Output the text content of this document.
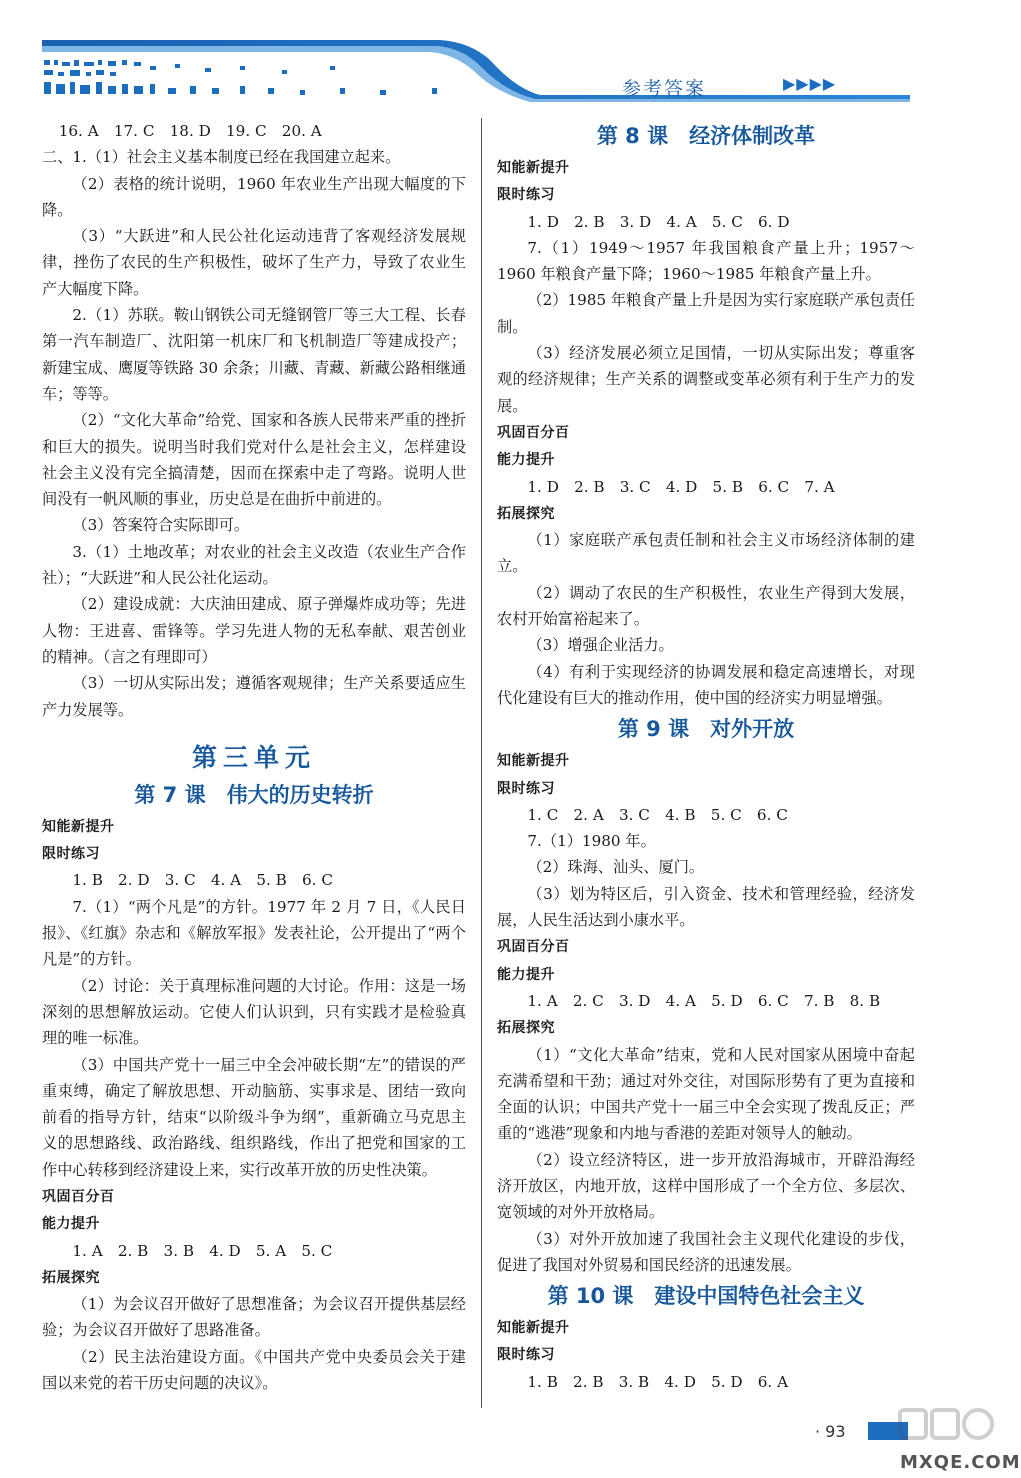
参考答案	▶▶▶▶

16. A　17. C　18. D　19. C　20. A

二、1.（1）社会主义基本制度已经在我国建立起来。

（2）表格的统计说明，1960 年农业生产出现大幅度的下降。

（3）“大跃进”和人民公社化运动违背了客观经济发展规律，挫伤了农民的生产积极性，破坏了生产力，导致了农业生产大幅度下降。

2.（1）苏联。鞍山钢铁公司无缝钢管厂等三大工程、长春第一汽车制造厂、沈阳第一机床厂和飞机制造厂等建成投产；新建宝成、鹰厦等铁路 30 余条；川藏、青藏、新藏公路相继通车；等等。

（2）“文化大革命”给党、国家和各族人民带来严重的挫折和巨大的损失。说明当时我们党对什么是社会主义，怎样建设社会主义没有完全搞清楚，因而在探索中走了弯路。说明人世间没有一帆风顺的事业，历史总是在曲折中前进的。

（3）答案符合实际即可。

3.（1）土地改革；对农业的社会主义改造（农业生产合作社）；“大跃进”和人民公社化运动。

（2）建设成就：大庆油田建成、原子弹爆炸成功等；先进人物：王进喜、雷锋等。学习先进人物的无私奉献、艰苦创业的精神。（言之有理即可）

（3）一切从实际出发；遵循客观规律；生产关系要适应生产力发展等。

第三单元
第 7 课　伟大的历史转折
知能新提升
限时练习

1. B　2. D　3. C　4. A　5. B　6. C

7.（1）“两个凡是”的方针。1977 年 2 月 7 日，《人民日报》、《红旗》杂志和《解放军报》发表社论，公开提出了“两个凡是”的方针。

（2）讨论：关于真理标准问题的大讨论。作用：这是一场深刻的思想解放运动。它使人们认识到，只有实践才是检验真理的唯一标准。

（3）中国共产党十一届三中全会冲破长期“左”的错误的严重束缚，确定了解放思想、开动脑筋、实事求是、团结一致向前看的指导方针，结束“以阶级斗争为纲”，重新确立马克思主义的思想路线、政治路线、组织路线，作出了把党和国家的工作中心转移到经济建设上来，实行改革开放的历史性决策。

巩固百分百
能力提升

1. A　2. B　3. B　4. D　5. A　5. C

拓展探究

（1）为会议召开做好了思想准备；为会议召开提供基层经验；为会议召开做好了思路准备。

（2）民主法治建设方面。《中国共产党中央委员会关于建国以来党的若干历史问题的决议》。

第 8 课　经济体制改革
知能新提升
限时练习

1. D　2. B　3. D　4. A　5. C　6. D

7.（1）1949～1957 年我国粮食产量上升；1957～1960 年粮食产量下降；1960～1985 年粮食产量上升。

（2）1985 年粮食产量上升是因为实行家庭联产承包责任制。

（3）经济发展必须立足国情，一切从实际出发；尊重客观的经济规律；生产关系的调整或变革必须有利于生产力的发展。

巩固百分百
能力提升

1. D　2. B　3. C　4. D　5. B　6. C　7. A

拓展探究

（1）家庭联产承包责任制和社会主义市场经济体制的建立。

（2）调动了农民的生产积极性，农业生产得到大发展，农村开始富裕起来了。

（3）增强企业活力。

（4）有利于实现经济的协调发展和稳定高速增长，对现代化建设有巨大的推动作用，使中国的经济实力明显增强。

第 9 课　对外开放
知能新提升
限时练习

1. C　2. A　3. C　4. B　5. C　6. C

7.（1）1980 年。

（2）珠海、汕头、厦门。

（3）划为特区后，引入资金、技术和管理经验，经济发展，人民生活达到小康水平。

巩固百分百
能力提升

1. A　2. C　3. D　4. A　5. D　6. C　7. B　8. B

拓展探究

（1）“文化大革命”结束，党和人民对国家从困境中奋起充满希望和干劲；通过对外交往，对国际形势有了更为直接和全面的认识；中国共产党十一届三中全会实现了拨乱反正；严重的“逃港”现象和内地与香港的差距对领导人的触动。

（2）设立经济特区，进一步开放沿海城市，开辟沿海经济开放区，内地开放，这样中国形成了一个全方位、多层次、宽领域的对外开放格局。

（3）对外开放加速了我国社会主义现代化建设的步伐，促进了我国对外贸易和国民经济的迅速发展。

第 10 课　建设中国特色社会主义
知能新提升
限时练习

1. B　2. B　3. B　4. D　5. D　6. A

· 93
MXQE.COM
